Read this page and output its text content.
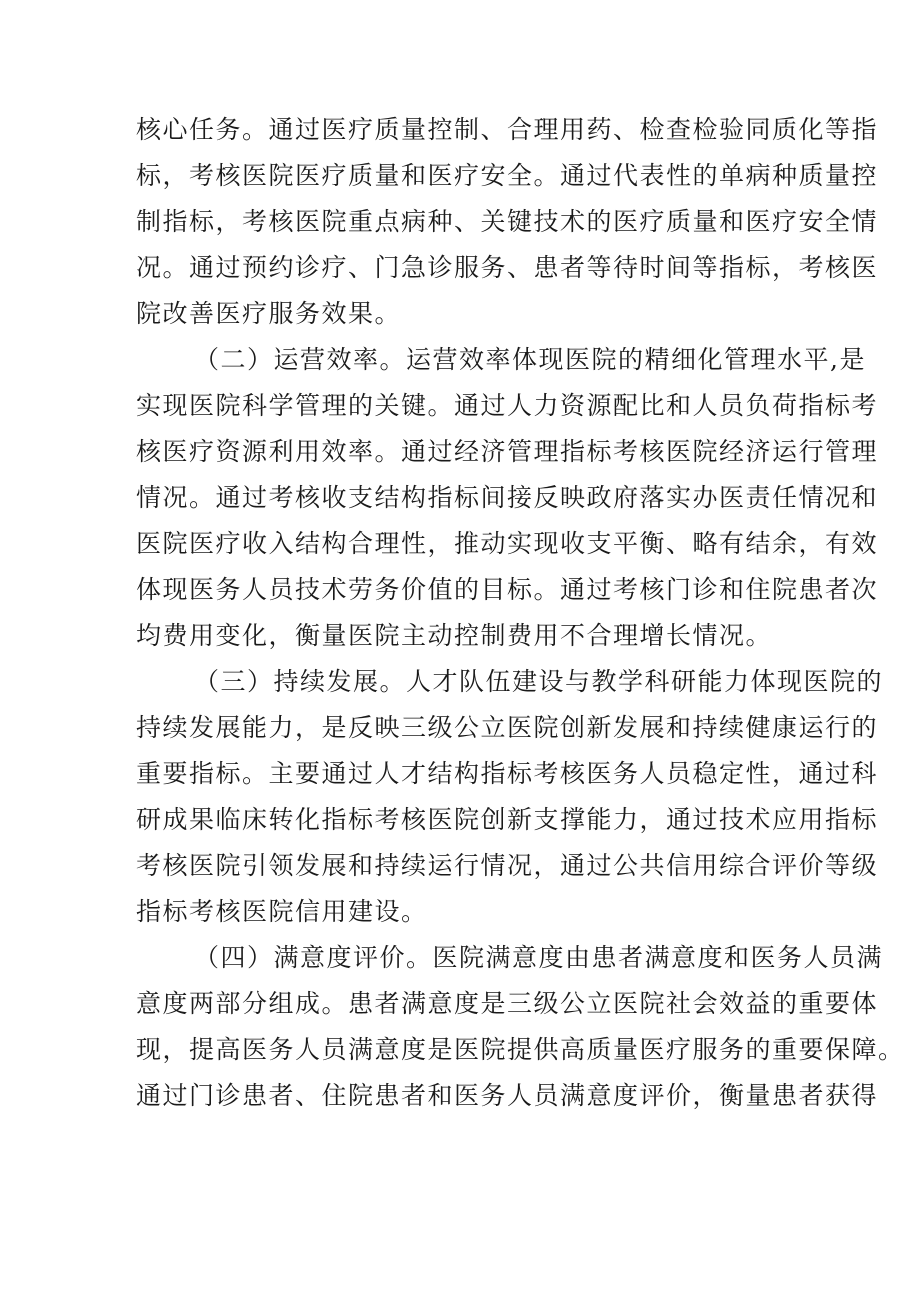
核心任务。通过医疗质量控制、合理用药、检查检验同质化等指
标，考核医院医疗质量和医疗安全。通过代表性的单病种质量控
制指标，考核医院重点病种、关键技术的医疗质量和医疗安全情
况。通过预约诊疗、门急诊服务、患者等待时间等指标，考核医
院改善医疗服务效果。
（二）运营效率。运营效率体现医院的精细化管理水平,是
实现医院科学管理的关键。通过人力资源配比和人员负荷指标考
核医疗资源利用效率。通过经济管理指标考核医院经济运行管理
情况。通过考核收支结构指标间接反映政府落实办医责任情况和
医院医疗收入结构合理性，推动实现收支平衡、略有结余，有效
体现医务人员技术劳务价值的目标。通过考核门诊和住院患者次
均费用变化，衡量医院主动控制费用不合理增长情况。
（三）持续发展。人才队伍建设与教学科研能力体现医院的
持续发展能力，是反映三级公立医院创新发展和持续健康运行的
重要指标。主要通过人才结构指标考核医务人员稳定性，通过科
研成果临床转化指标考核医院创新支撑能力，通过技术应用指标
考核医院引领发展和持续运行情况，通过公共信用综合评价等级
指标考核医院信用建设。
（四）满意度评价。医院满意度由患者满意度和医务人员满
意度两部分组成。患者满意度是三级公立医院社会效益的重要体
现，提高医务人员满意度是医院提供高质量医疗服务的重要保障。
通过门诊患者、住院患者和医务人员满意度评价，衡量患者获得
